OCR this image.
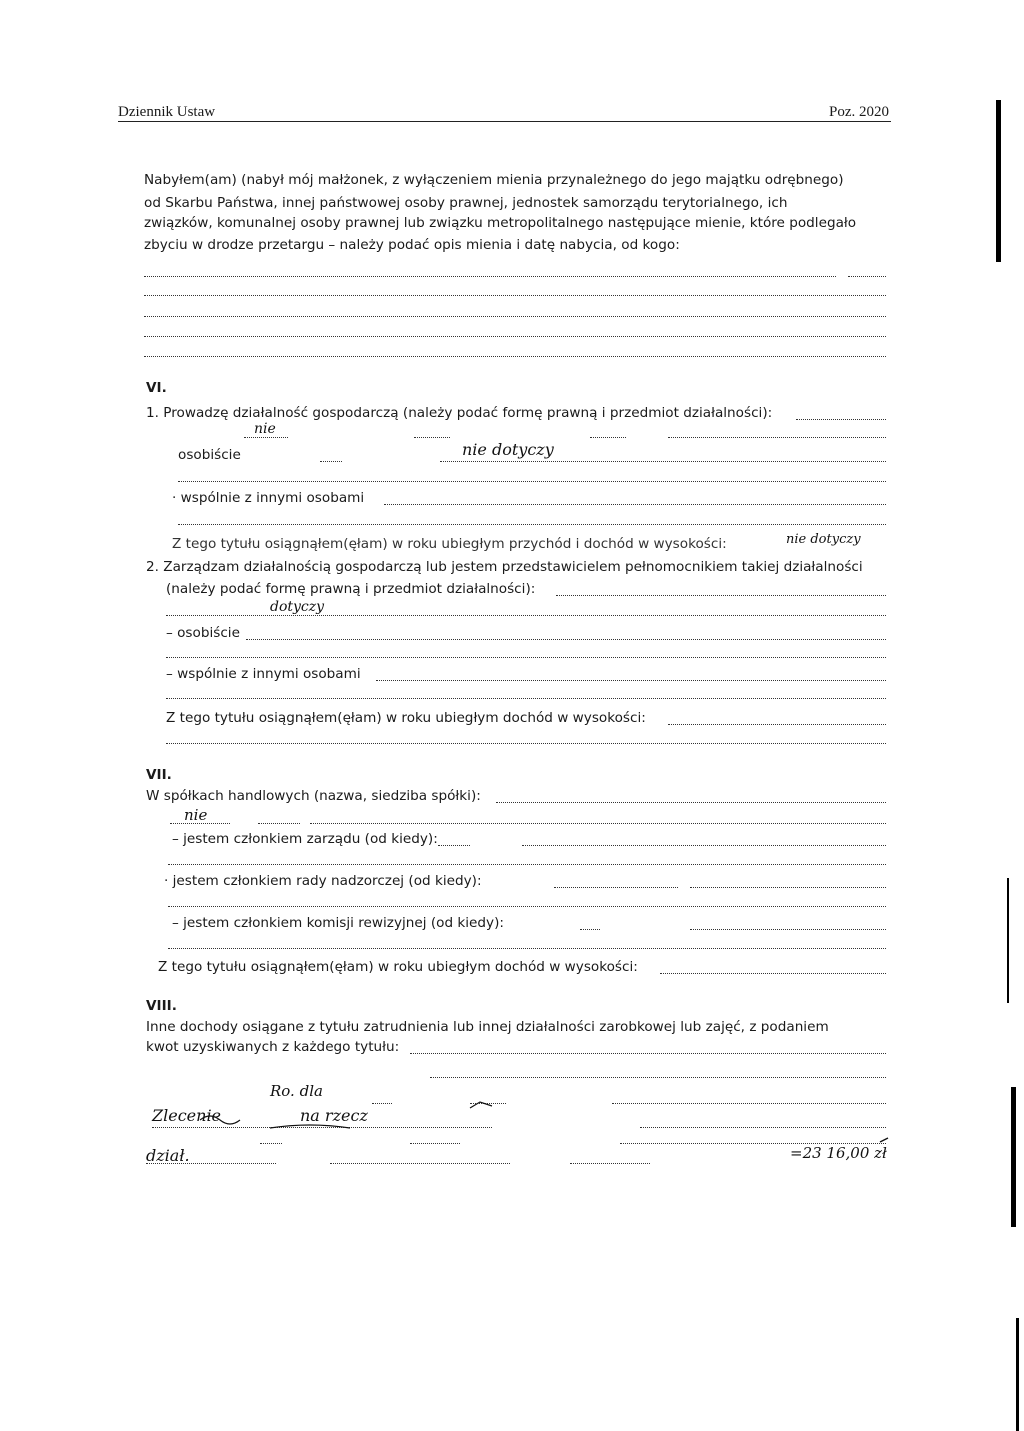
Dziennik Ustaw	Poz. 2020
Nabyłem(am) (nabył mój małżonek, z wyłączeniem mienia przynależnego do jego majątku odrębnego)
od Skarbu Państwa, innej państwowej osoby prawnej, jednostek samorządu terytorialnego, ich
związków, komunalnej osoby prawnej lub związku metropolitalnego następujące mienie, które podlegało
zbyciu w drodze przetargu – należy podać opis mienia i datę nabycia, od kogo:
VI.
1. Prowadzę działalność gospodarczą (należy podać formę prawną i przedmiot działalności):
nie
osobiście	nie dotyczy
· wspólnie z innymi osobami
Z tego tytułu osiągnąłem(ęłam) w roku ubiegłym przychód i dochód w wysokości:	nie dotyczy
2. Zarządzam działalnością gospodarczą lub jestem przedstawicielem pełnomocnikiem takiej działalności
(należy podać formę prawną i przedmiot działalności):
dotyczy
– osobiście
– wspólnie z innymi osobami
Z tego tytułu osiągnąłem(ęłam) w roku ubiegłym dochód w wysokości:
VII.
W spółkach handlowych (nazwa, siedziba spółki):
nie
– jestem członkiem zarządu (od kiedy):
· jestem członkiem rady nadzorczej (od kiedy):
– jestem członkiem komisji rewizyjnej (od kiedy):
Z tego tytułu osiągnąłem(ęłam) w roku ubiegłym dochód w wysokości:
VIII.
Inne dochody osiągane z tytułu zatrudnienia lub innej działalności zarobkowej lub zajęć, z podaniem
kwot uzyskiwanych z każdego tytułu:
Ro. dla
Zlecenie	na rzecz
dział.	=23 16,00 zł
